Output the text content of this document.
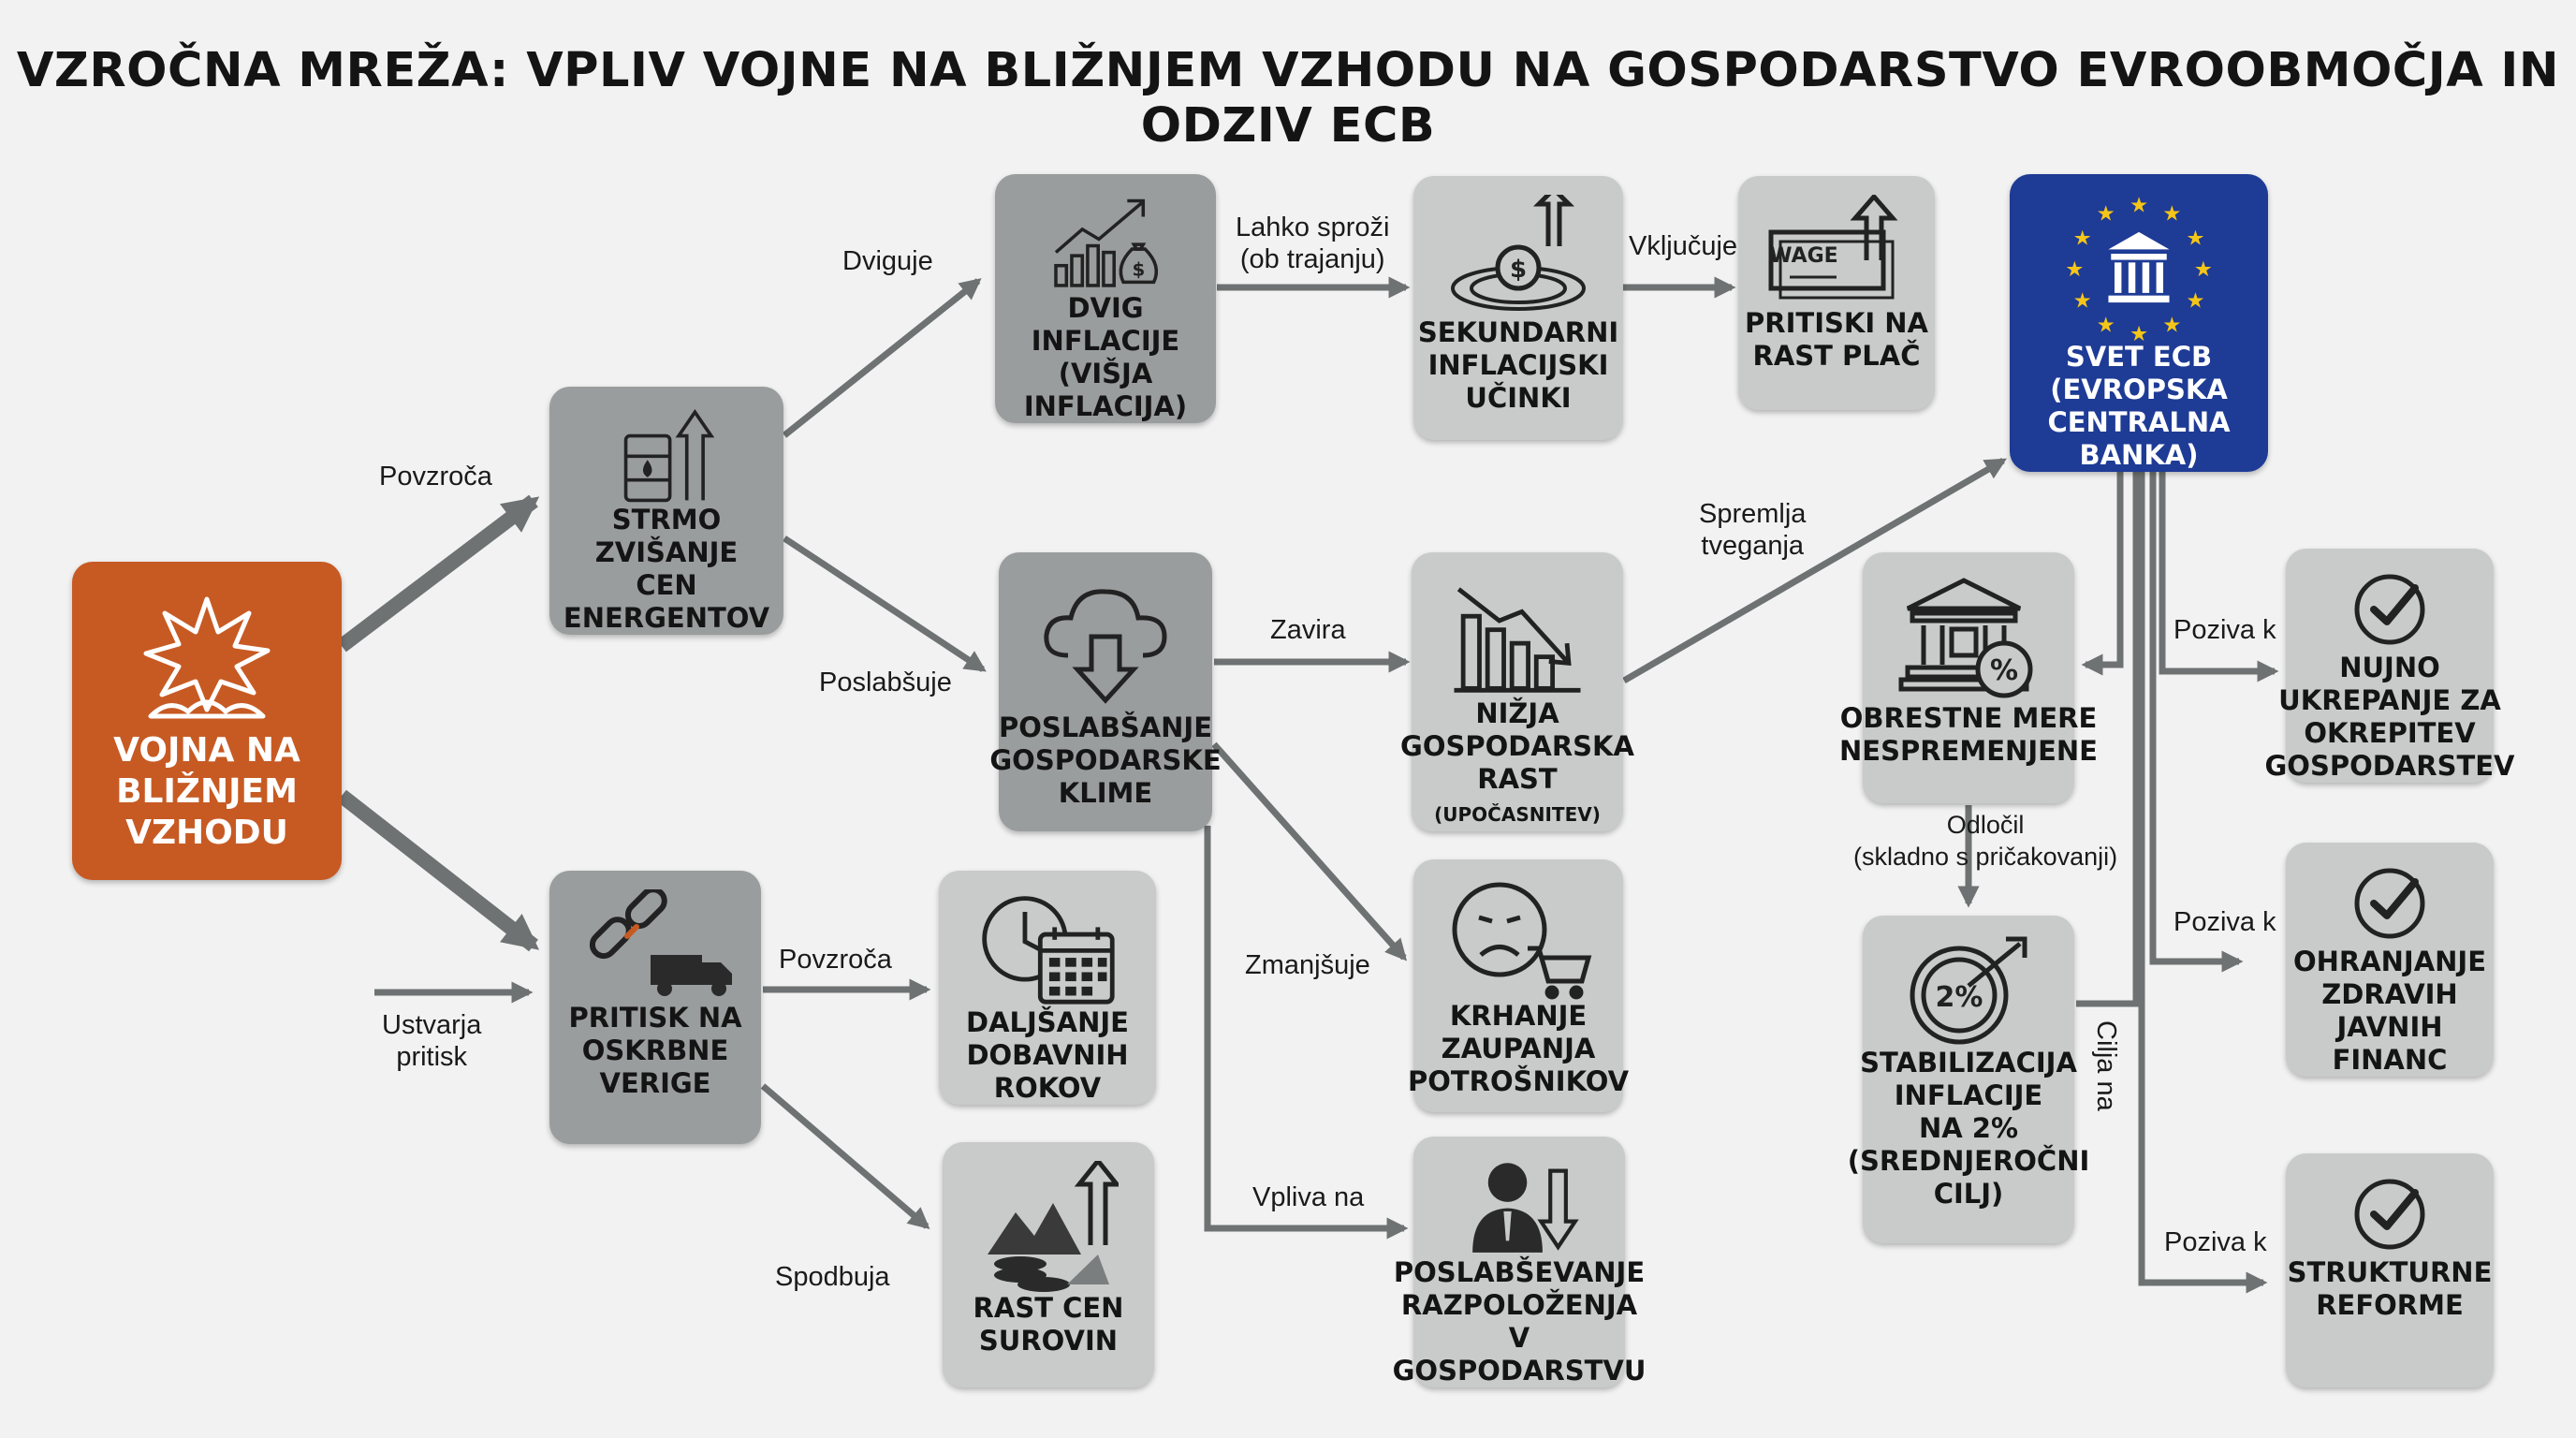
VZROČNA MREŽA: VPLIV VOJNE NA BLIŽNJEM VZHODU NA GOSPODARSTVO EVROOBMOČJA IN ODZIV ECB
Povzroča
Dviguje
Poslabšuje
Ustvarja
pritisk
Povzroča
Spodbuja
Lahko sproži
(ob trajanju)	Vključuje
Zavira
Zmanjšuje
Vpliva na
Spremlja
tveganja
Odločil
(skladno s pričakovanji)
Cilja na
Poziva k
Poziva k
Poziva k
VOJNA NA
BLIŽNJEM
VZHODU
STRMO ZVIŠANJE
CEN ENERGENTOV
PRITISK NA
OSKRBNE
VERIGE
$
DVIG INFLACIJE
(VIŠJA INFLACIJA)
POSLABŠANJE
GOSPODARSKE
KLIME
DALJŠANJE
DOBAVNIH ROKOV
RAST CEN
SUROVIN
$
SEKUNDARNI
INFLACIJSKI
UČINKI
WAGE
PRITISKI NA
RAST PLAČ
NIŽJA
GOSPODARSKA
RAST (UPOČASNITEV)
KRHANJE
ZAUPANJA
POTROŠNIKOV
POSLABŠEVANJE
RAZPOLOŽENJA
V GOSPODARSTVU
★ ★
★
★
★
★
★
★
★
★
★
★
SVET ECB
(EVROPSKA
CENTRALNA BANKA)
%
OBRESTNE MERE
NESPREMENJENE
2%
STABILIZACIJA
INFLACIJE
NA 2%
(SREDNJEROČNI
CILJ)
NUJNO
UKREPANJE ZA
OKREPITEV
GOSPODARSTEV
OHRANJANJE
ZDRAVIH
JAVNIH FINANC
STRUKTURNE
REFORME
